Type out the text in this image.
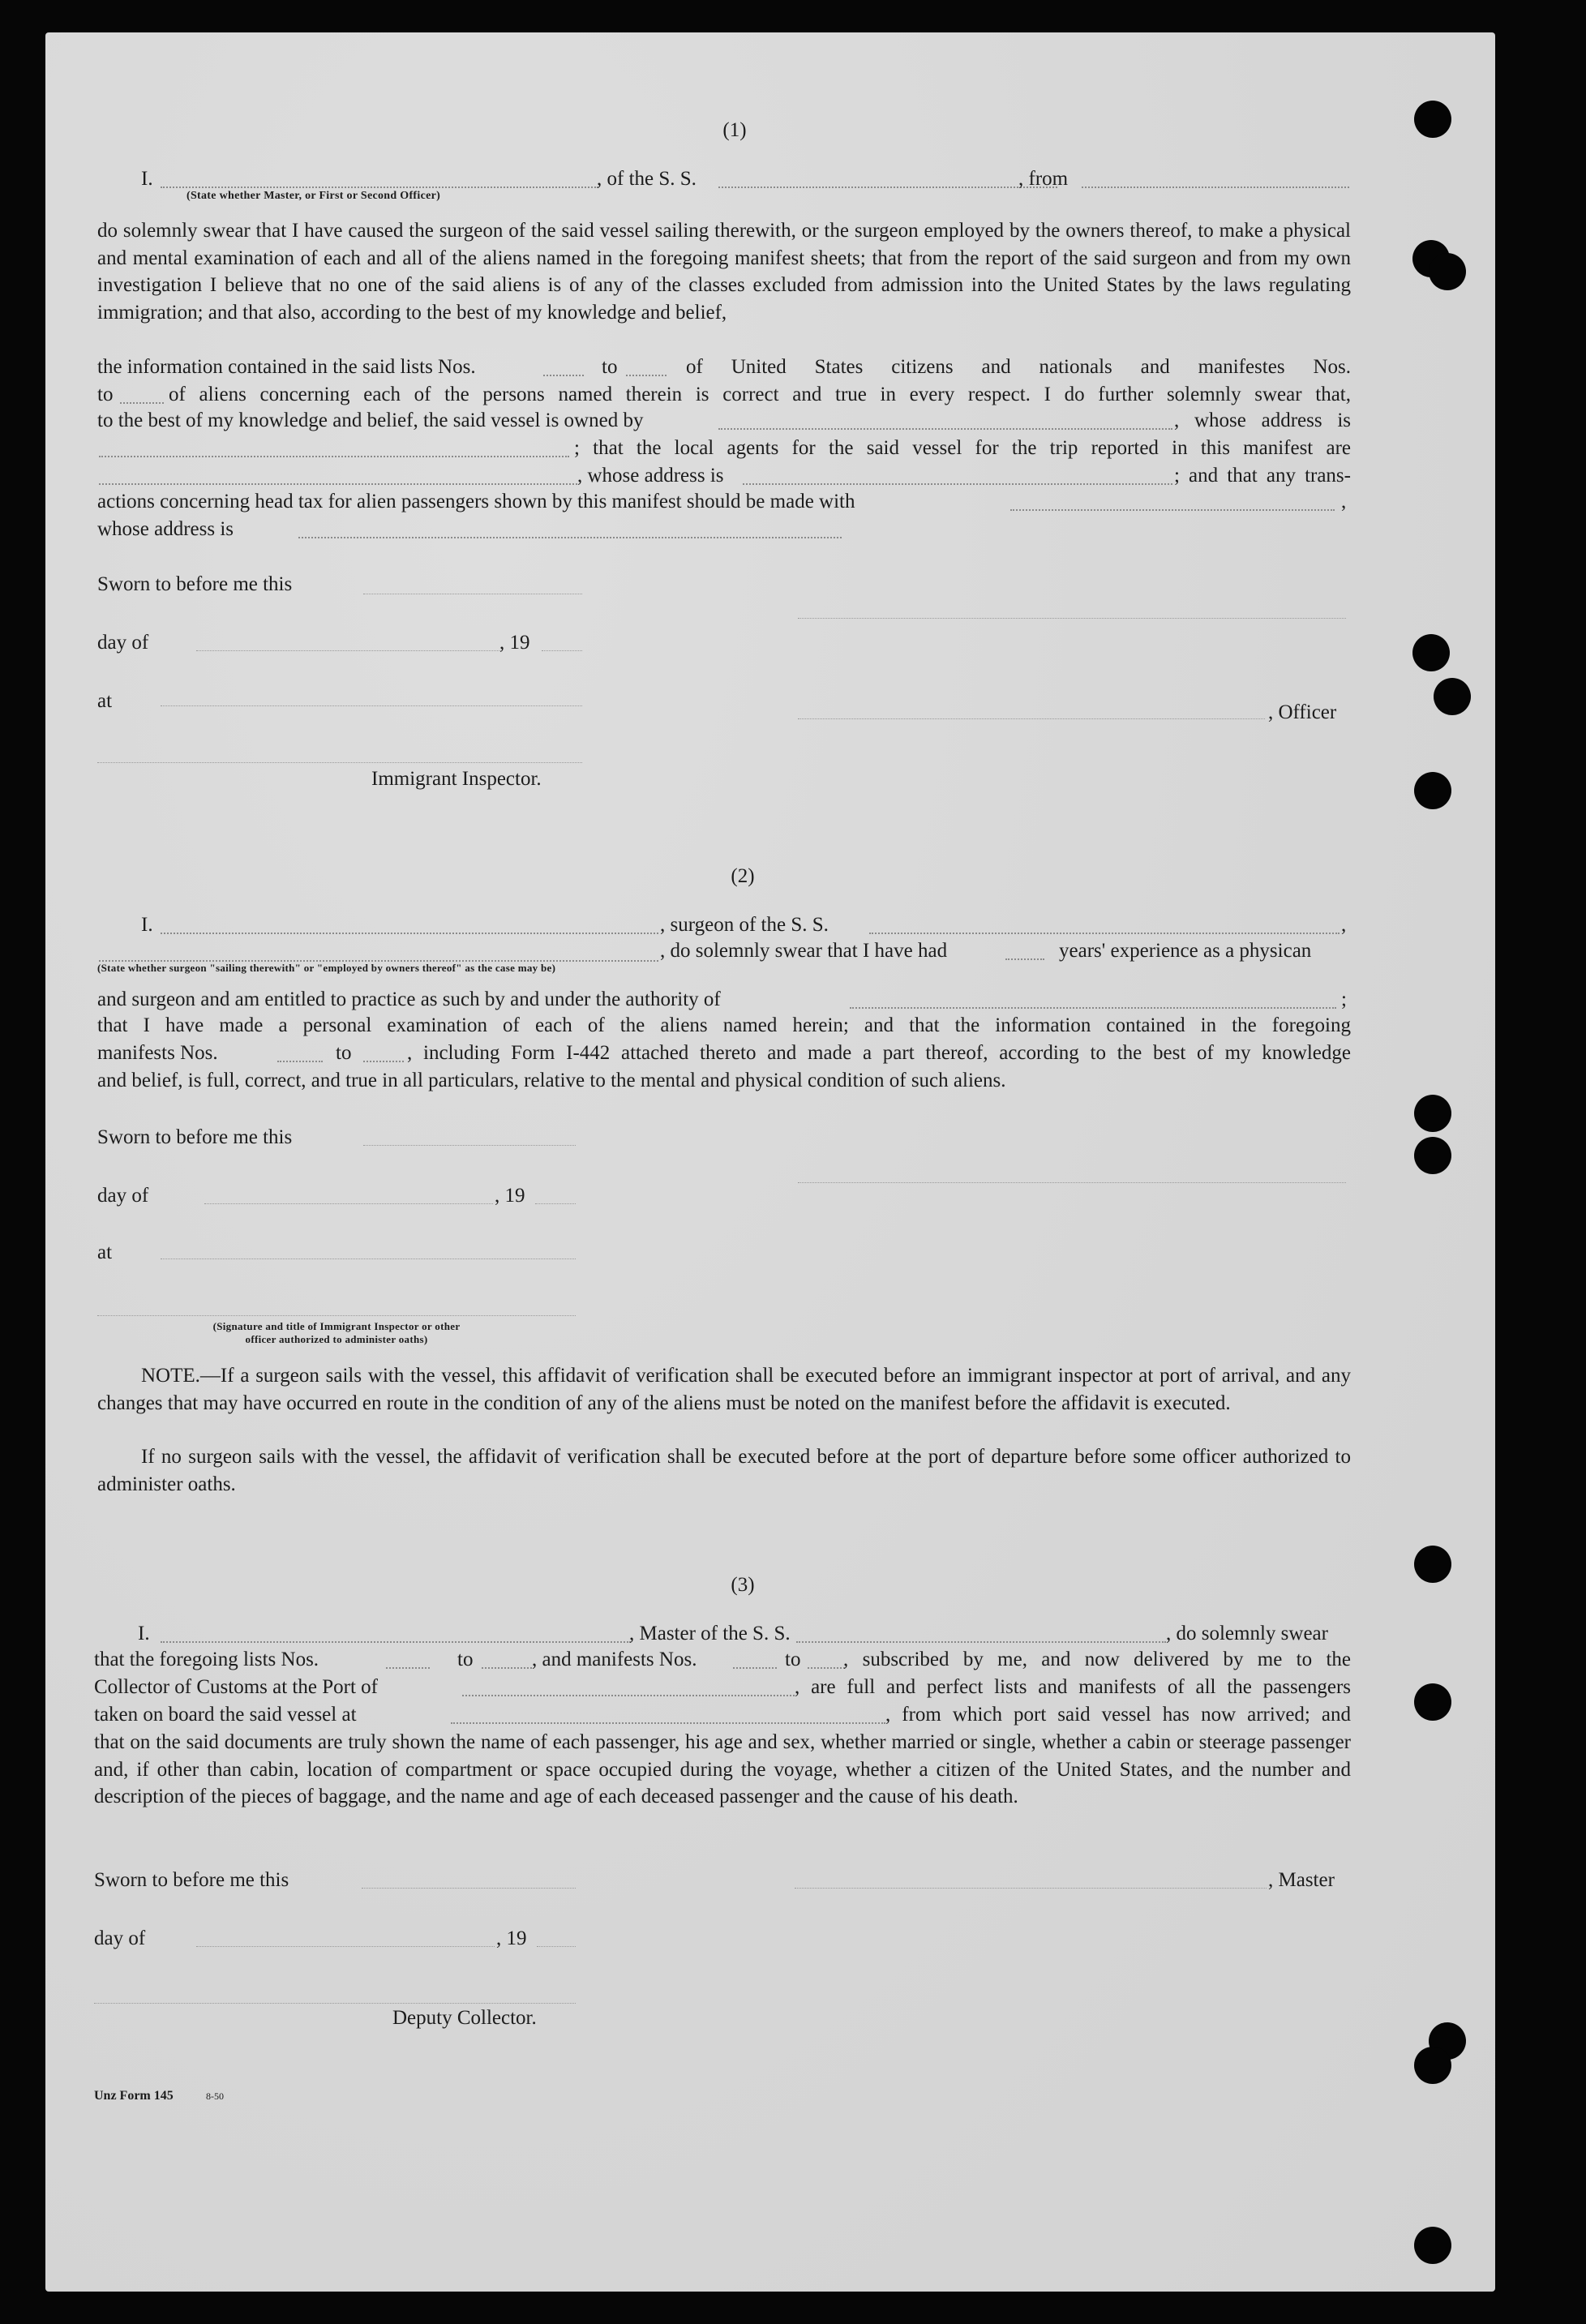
(1)
I.	, of the S. S.	, from
(State whether Master, or First or Second Officer)
do solemnly swear that I have caused the surgeon of the said vessel sailing therewith, or the surgeon employed by the owners thereof, to make a physical and mental examination of each and all of the aliens named in the foregoing manifest sheets; that from the report of the said surgeon and from my own investigation I believe that no one of the said aliens is of any of the classes excluded from admission into the United States by the laws regulating immigration; and that also, according to the best of my knowledge and belief,
the information contained in the said lists Nos.	to	of United States citizens and nationals and manifestes Nos.
to	of aliens concerning each of the persons named therein is correct and true in every respect. I do further solemnly swear that,
to the best of my knowledge and belief, the said vessel is owned by	, whose address is
; that the local agents for the said vessel for the trip reported in this manifest are
, whose address is	; and that any trans-
actions concerning head tax for alien passengers shown by this manifest should be made with	,
whose address is
Sworn to before me this
day of	, 19
at
, Officer
Immigrant Inspector.
(2)
I.	, surgeon of the S. S.	,
, do solemnly swear that I have had	years' experience as a physican
(State whether surgeon "sailing therewith" or "employed by owners thereof" as the case may be)
and surgeon and am entitled to practice as such by and under the authority of	;
that I have made a personal examination of each of the aliens named herein; and that the information contained in the foregoing
manifests Nos.	to	, including Form I-442 attached thereto and made a part thereof, according to the best of my knowledge
and belief, is full, correct, and true in all particulars, relative to the mental and physical condition of such aliens.
Sworn to before me this
day of	, 19
at
(Signature and title of Immigrant Inspector or other
officer authorized to administer oaths)
NOTE.—If a surgeon sails with the vessel, this affidavit of verification shall be executed before an immigrant inspector at port of arrival, and any changes that may have occurred en route in the condition of any of the aliens must be noted on the manifest before the affidavit is executed.
If no surgeon sails with the vessel, the affidavit of verification shall be executed before at the port of departure before some officer authorized to administer oaths.
(3)
I.	, Master of the S. S.	, do solemnly swear
that the foregoing lists Nos.	to	, and manifests Nos.	to , subscribed by me, and now delivered by me to the
Collector of Customs at the Port of	, are full and perfect lists and manifests of all the passengers
taken on board the said vessel at	, from which port said vessel has now arrived; and
that on the said documents are truly shown the name of each passenger, his age and sex, whether married or single, whether a cabin or steerage passenger and, if other than cabin, location of compartment or space occupied during the voyage, whether a citizen of the United States, and the number and description of the pieces of baggage, and the name and age of each deceased passenger and the cause of his death.
Sworn to before me this	, Master
day of	, 19
Deputy Collector.
Unz Form 145	8-50
